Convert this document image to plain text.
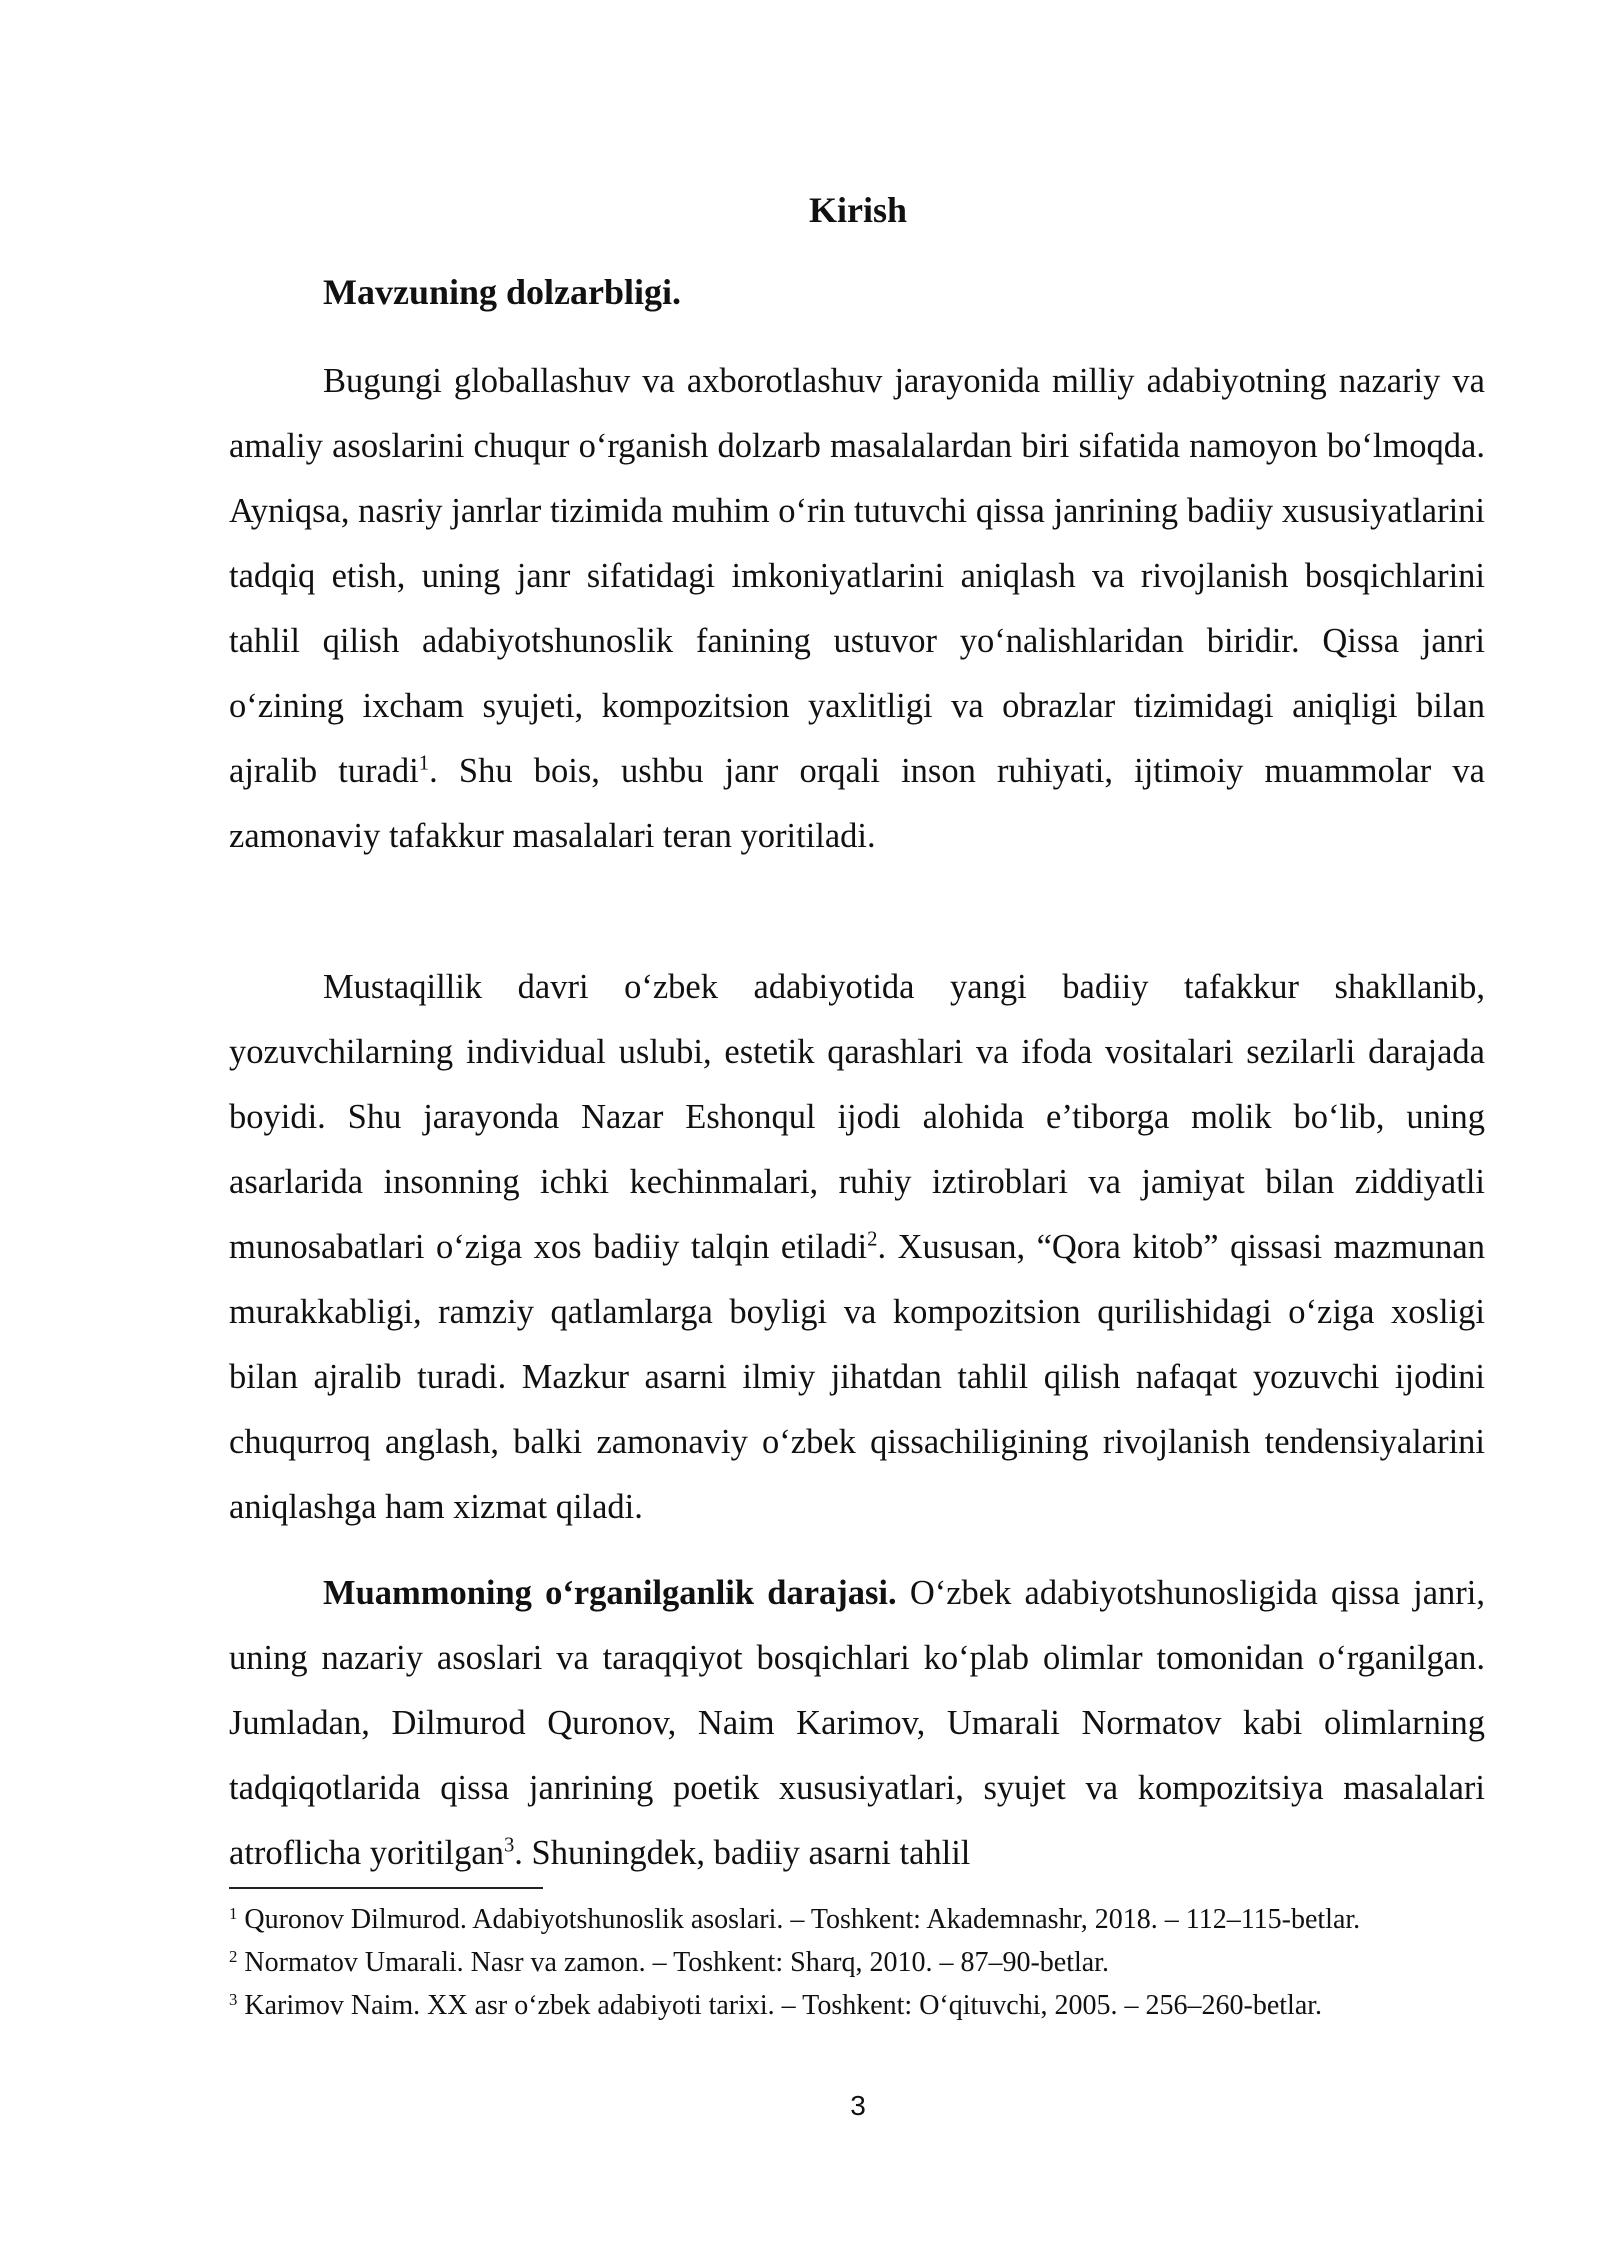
Kirish
Mavzuning dolzarbligi.

Bugungi globallashuv va axborotlashuv jarayonida milliy adabiyotning nazariy va amaliy asoslarini chuqur o‘rganish dolzarb masalalardan biri sifatida namoyon bo‘lmoqda. Ayniqsa, nasriy janrlar tizimida muhim o‘rin tutuvchi qissa janrining badiiy xususiyatlarini tadqiq etish, uning janr sifatidagi imkoniyatlarini aniqlash va rivojlanish bosqichlarini tahlil qilish adabiyotshunoslik fanining ustuvor yo‘nalishlaridan biridir. Qissa janri o‘zining ixcham syujeti, kompozitsion yaxlitligi va obrazlar tizimidagi aniqligi bilan ajralib turadi$^1$. Shu bois, ushbu janr orqali inson ruhiyati, ijtimoiy muammolar va zamonaviy tafakkur masalalari teran yoritiladi.

Mustaqillik davri o‘zbek adabiyotida yangi badiiy tafakkur shakllanib, yozuvchilarning individual uslubi, estetik qarashlari va ifoda vositalari sezilarli darajada boyidi. Shu jarayonda Nazar Eshonqul ijodi alohida e’tiborga molik bo‘lib, uning asarlarida insonning ichki kechinmalari, ruhiy iztiroblari va jamiyat bilan ziddiyatli munosabatlari o‘ziga xos badiiy talqin etiladi$^2$. Xususan, “Qora kitob” qissasi mazmunan murakkabligi, ramziy qatlamlarga boyligi va kompozitsion qurilishidagi o‘ziga xosligi bilan ajralib turadi. Mazkur asarni ilmiy jihatdan tahlil qilish nafaqat yozuvchi ijodini chuqurroq anglash, balki zamonaviy o‘zbek qissachiligining rivojlanish tendensiyalarini aniqlashga ham xizmat qiladi.

Muammoning o‘rganilganlik darajasi. O‘zbek adabiyotshunosligida qissa janri, uning nazariy asoslari va taraqqiyot bosqichlari ko‘plab olimlar tomonidan o‘rganilgan. Jumladan, Dilmurod Quronov, Naim Karimov, Umarali Normatov kabi olimlarning tadqiqotlarida qissa janrining poetik xususiyatlari, syujet va kompozitsiya masalalari atroflicha yoritilgan$^3$. Shuningdek, badiiy asarni tahlil

$^1$ Quronov Dilmurod. Adabiyotshunoslik asoslari. – Toshkent: Akademnashr, 2018. – 112–115-betlar.

$^2$ Normatov Umarali. Nasr va zamon. – Toshkent: Sharq, 2010. – 87–90-betlar.

$^3$ Karimov Naim. XX asr o‘zbek adabiyoti tarixi. – Toshkent: O‘qituvchi, 2005. – 256–260-betlar.

3
